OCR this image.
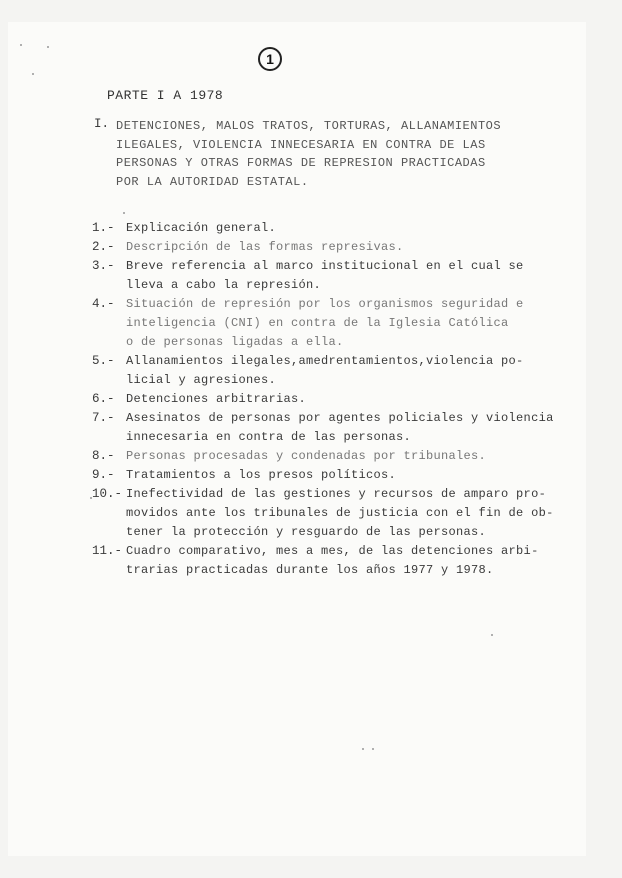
1
PARTE I A 1978
I. DETENCIONES, MALOS TRATOS, TORTURAS, ALLANAMIENTOS
ILEGALES, VIOLENCIA INNECESARIA EN CONTRA DE LAS
PERSONAS Y OTRAS FORMAS DE REPRESION PRACTICADAS
POR LA AUTORIDAD ESTATAL.
1.- Explicación general.
2.- Descripción de las formas represivas.
3.- Breve referencia al marco institucional en el cual se
lleva a cabo la represión.
4.- Situación de represión por los organismos seguridad e
inteligencia (CNI) en contra de la Iglesia Católica
o de personas ligadas a ella.
5.- Allanamientos ilegales,amedrentamientos,violencia po-
licial y agresiones.
6.- Detenciones arbitrarias.
7.- Asesinatos de personas por agentes policiales y violencia
innecesaria en contra de las personas.
8.- Personas procesadas y condenadas por tribunales.
9.- Tratamientos a los presos políticos.
10.- Inefectividad de las gestiones y recursos de amparo pro-
movidos ante los tribunales de justicia con el fin de ob-
tener la protección y resguardo de las personas.
11.- Cuadro comparativo, mes a mes, de las detenciones arbi-
trarias practicadas durante los años 1977 y 1978.
